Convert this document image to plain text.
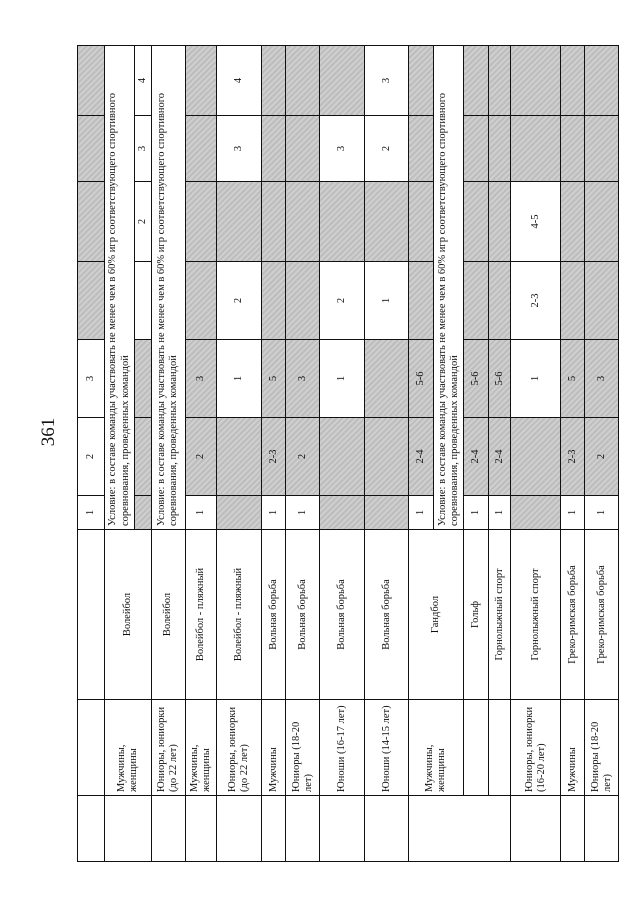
361
			1	2	3				
	Мужчины, женщины	Волейбол	Условие: в составе команды участвовать не менее чем в 60% игр соответствующего спортивного соревнования, проведенных командой						
							2	3	4
	Юниоры, юниорки (до 22 лет)	Волейбол	Условие: в составе команды участвовать не менее чем в 60% игр соответствующего спортивного соревнования, проведенных командой						
	Мужчины, женщины	Волейбол - пляжный	1	2	3				
	Юниоры, юниорки (до 22 лет)	Волейбол - пляжный			1	2		3	4
	Мужчины	Вольная борьба	1	2-3	5				
	Юниоры (18-20 лет)	Вольная борьба	1	2	3				
	Юноши (16-17 лет)	Вольная борьба			1	2		3	
	Юноши (14-15 лет)	Вольная борьба				1		2	3
	Мужчины, женщины	Гандбол	1	2-4	5-6				
			Условие: в составе команды участвовать не менее чем в 60% игр соответствующего спортивного соревнования, проведенных командой						
		Гольф	1	2-4	5-6				
		Горнолыжный спорт	1	2-4	5-6				
	Юниоры, юниорки (16-20 лет)	Горнолыжный спорт			1	2-3	4-5		
	Мужчины	Греко-римская борьба	1	2-3	5				
	Юниоры (18-20 лет)	Греко-римская борьба	1	2	3				
